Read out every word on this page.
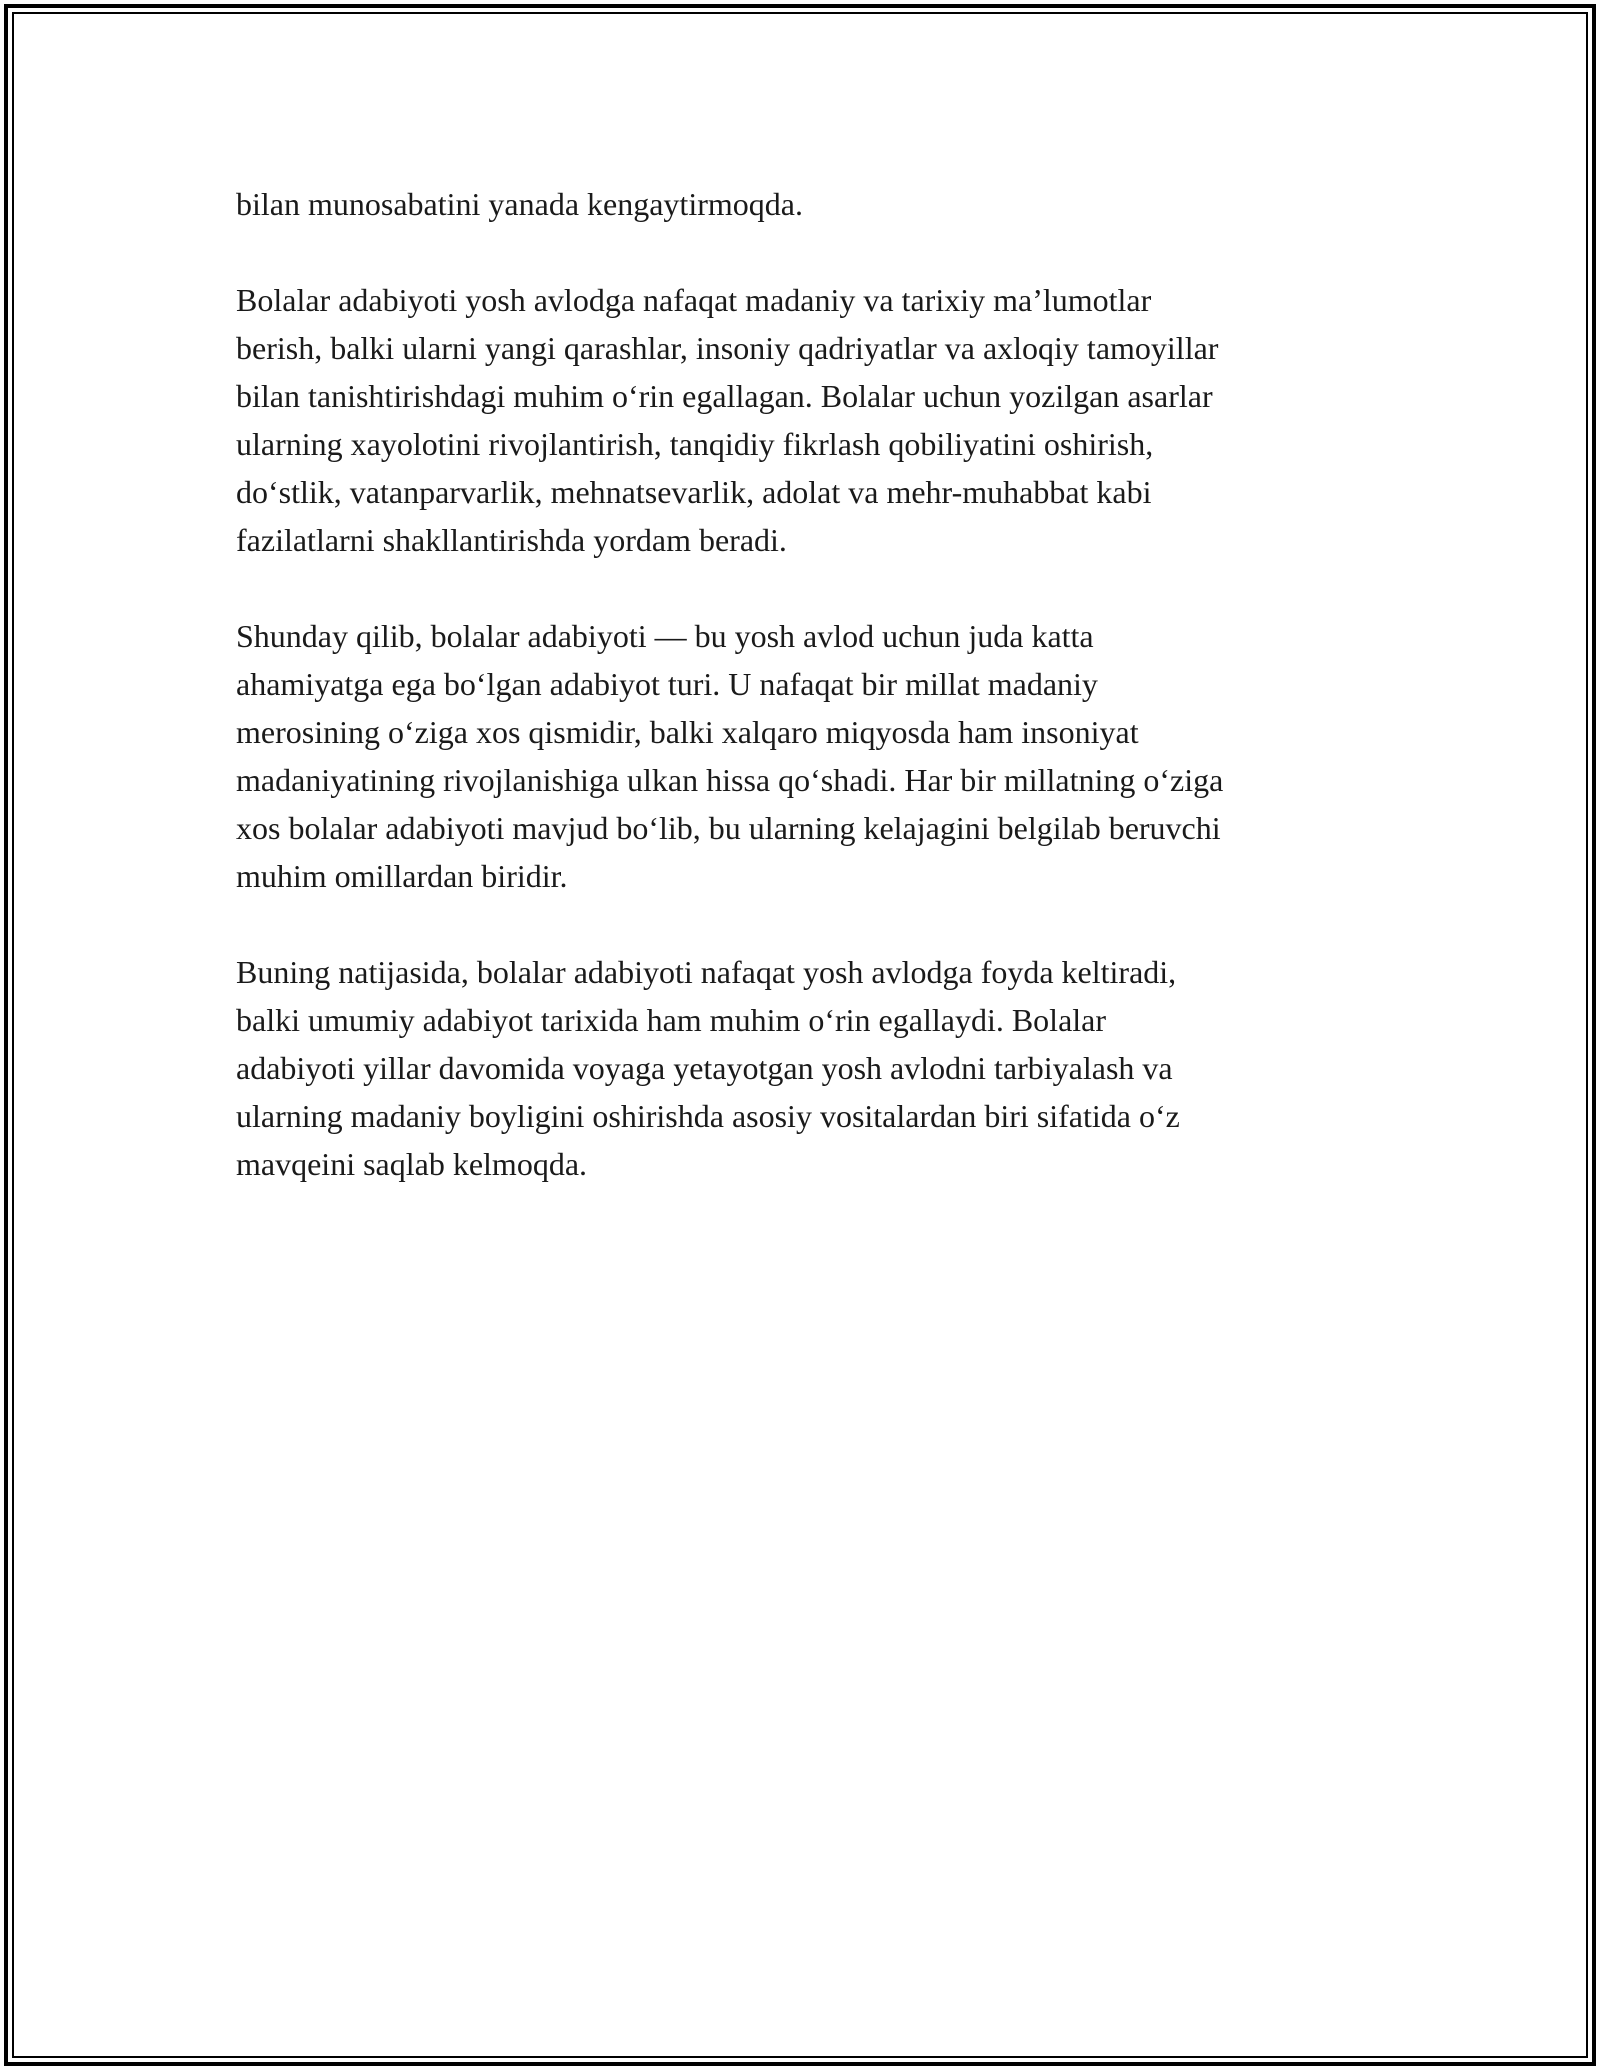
bilan munosabatini yanada kengaytirmoqda.

Bolalar adabiyoti yosh avlodga nafaqat madaniy va tarixiy ma’lumotlar
berish, balki ularni yangi qarashlar, insoniy qadriyatlar va axloqiy tamoyillar
bilan tanishtirishdagi muhim o‘rin egallagan. Bolalar uchun yozilgan asarlar
ularning xayolotini rivojlantirish, tanqidiy fikrlash qobiliyatini oshirish,
do‘stlik, vatanparvarlik, mehnatsevarlik, adolat va mehr-muhabbat kabi
fazilatlarni shakllantirishda yordam beradi.

Shunday qilib, bolalar adabiyoti — bu yosh avlod uchun juda katta
ahamiyatga ega bo‘lgan adabiyot turi. U nafaqat bir millat madaniy
merosining o‘ziga xos qismidir, balki xalqaro miqyosda ham insoniyat
madaniyatining rivojlanishiga ulkan hissa qo‘shadi. Har bir millatning o‘ziga
xos bolalar adabiyoti mavjud bo‘lib, bu ularning kelajagini belgilab beruvchi
muhim omillardan biridir.

Buning natijasida, bolalar adabiyoti nafaqat yosh avlodga foyda keltiradi,
balki umumiy adabiyot tarixida ham muhim o‘rin egallaydi. Bolalar
adabiyoti yillar davomida voyaga yetayotgan yosh avlodni tarbiyalash va
ularning madaniy boyligini oshirishda asosiy vositalardan biri sifatida o‘z
mavqeini saqlab kelmoqda.
